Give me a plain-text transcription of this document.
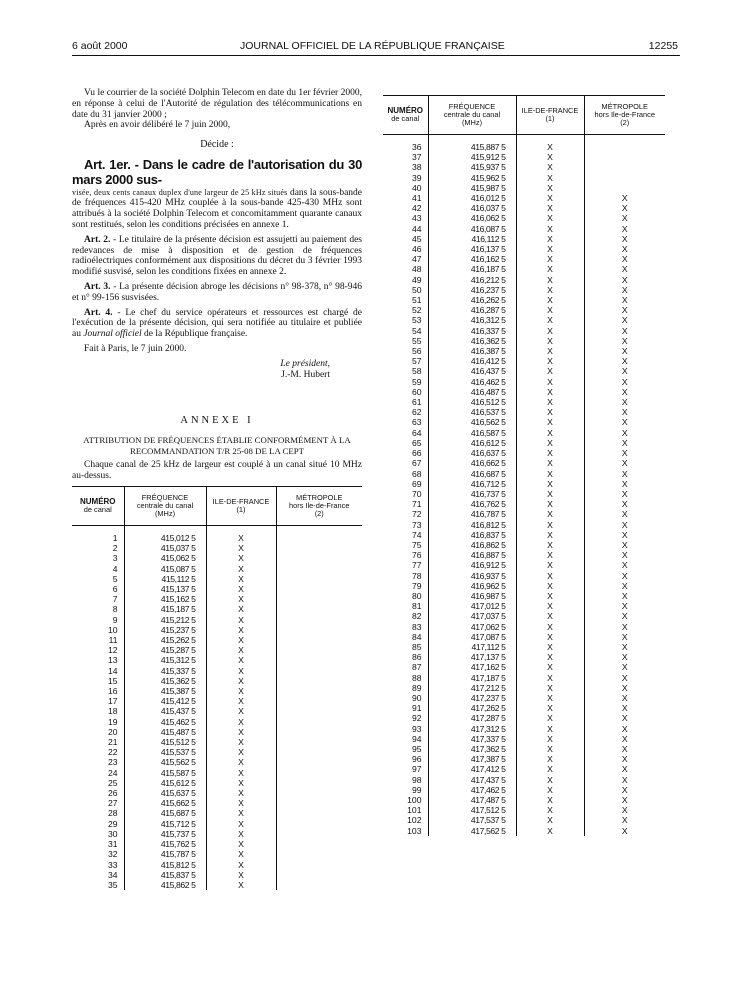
6 août 2000	JOURNAL OFFICIEL DE LA RÉPUBLIQUE FRANÇAISE	12255

Vu le courrier de la société Dolphin Telecom en date du 1er février 2000, en réponse à celui de l'Autorité de régulation des télécommunications en date du 31 janvier 2000 ;

Après en avoir délibéré le 7 juin 2000,

Décide :

Art. 1er. - Dans le cadre de l'autorisation du 30 mars 2000 sus-
visée, deux cents canaux duplex d'une largeur de 25 kHz situés dans la sous-bande de fréquences 415-420 MHz couplée à la sous-bande 425-430 MHz sont attribués à la société Dolphin Telecom et concomitamment quarante canaux sont restitués, selon les conditions précisées en annexe 1.

Art. 2. - Le titulaire de la présente décision est assujetti au paiement des redevances de mise à disposition et de gestion de fréquences radioélectriques conformément aux dispositions du décret du 3 février 1993 modifié susvisé, selon les conditions fixées en annexe 2.

Art. 3. - La présente décision abroge les décisions n° 98-378, n° 98-946 et n° 99-156 susvisées.

Art. 4. - Le chef du service opérateurs et ressources est chargé de l'exécution de la présente décision, qui sera notifiée au titulaire et publiée au Journal officiel de la République française.

Fait à Paris, le 7 juin 2000.

Le président,

J.-M. Hubert

ANNEXE I

ATTRIBUTION DE FRÉQUENCES ÉTABLIE CONFORMÉMENT À LA RECOMMANDATION T/R 25-08 DE LA CEPT

Chaque canal de 25 kHz de largeur est couplé à un canal situé 10 MHz au-dessus.

NUMÉRO
de canal	FRÉQUENCE
centrale du canal
(MHz)	ILE-DE-FRANCE
(1)	MÉTROPOLE
hors Ile-de-France
(2)
1	415,012 5	X	
2	415,037 5	X	
3	415,062 5	X	
4	415,087 5	X	
5	415,112 5	X	
6	415,137 5	X	
7	415,162 5	X	
8	415,187 5	X	
9	415,212 5	X	
10	415,237 5	X	
11	415,262 5	X	
12	415,287 5	X	
13	415,312 5	X	
14	415,337 5	X	
15	415,362 5	X	
16	415,387 5	X	
17	415,412 5	X	
18	415,437 5	X	
19	415,462 5	X	
20	415,487 5	X	
21	415,512 5	X	
22	415,537 5	X	
23	415,562 5	X	
24	415,587 5	X	
25	415,612 5	X	
26	415,637 5	X	
27	415,662 5	X	
28	415,687 5	X	
29	415,712 5	X	
30	415,737 5	X	
31	415,762 5	X	
32	415,787 5	X	
33	415,812 5	X	
34	415,837 5	X	
35	415,862 5	X	
NUMÉRO
de canal	FRÉQUENCE
centrale du canal
(MHz)	ILE-DE-FRANCE
(1)	MÉTROPOLE
hors Ile-de-France
(2)
36	415,887 5	X	
37	415,912 5	X	
38	415,937 5	X	
39	415,962 5	X	
40	415,987 5	X	
41	416,012 5	X	X
42	416,037 5	X	X
43	416,062 5	X	X
44	416,087 5	X	X
45	416,112 5	X	X
46	416,137 5	X	X
47	416,162 5	X	X
48	416,187 5	X	X
49	416,212 5	X	X
50	416,237 5	X	X
51	416,262 5	X	X
52	416,287 5	X	X
53	416,312 5	X	X
54	416,337 5	X	X
55	416,362 5	X	X
56	416,387 5	X	X
57	416,412 5	X	X
58	416,437 5	X	X
59	416,462 5	X	X
60	416,487 5	X	X
61	416,512 5	X	X
62	416,537 5	X	X
63	416,562 5	X	X
64	416,587 5	X	X
65	416,612 5	X	X
66	416,637 5	X	X
67	416,662 5	X	X
68	416,687 5	X	X
69	416,712 5	X	X
70	416,737 5	X	X
71	416,762 5	X	X
72	416,787 5	X	X
73	416,812 5	X	X
74	416,837 5	X	X
75	416,862 5	X	X
76	416,887 5	X	X
77	416,912 5	X	X
78	416,937 5	X	X
79	416,962 5	X	X
80	416,987 5	X	X
81	417,012 5	X	X
82	417,037 5	X	X
83	417,062 5	X	X
84	417,087 5	X	X
85	417,112 5	X	X
86	417,137 5	X	X
87	417,162 5	X	X
88	417,187 5	X	X
89	417,212 5	X	X
90	417,237 5	X	X
91	417,262 5	X	X
92	417,287 5	X	X
93	417,312 5	X	X
94	417,337 5	X	X
95	417,362 5	X	X
96	417,387 5	X	X
97	417,412 5	X	X
98	417,437 5	X	X
99	417,462 5	X	X
100	417,487 5	X	X
101	417,512 5	X	X
102	417,537 5	X	X
103	417,562 5	X	X
